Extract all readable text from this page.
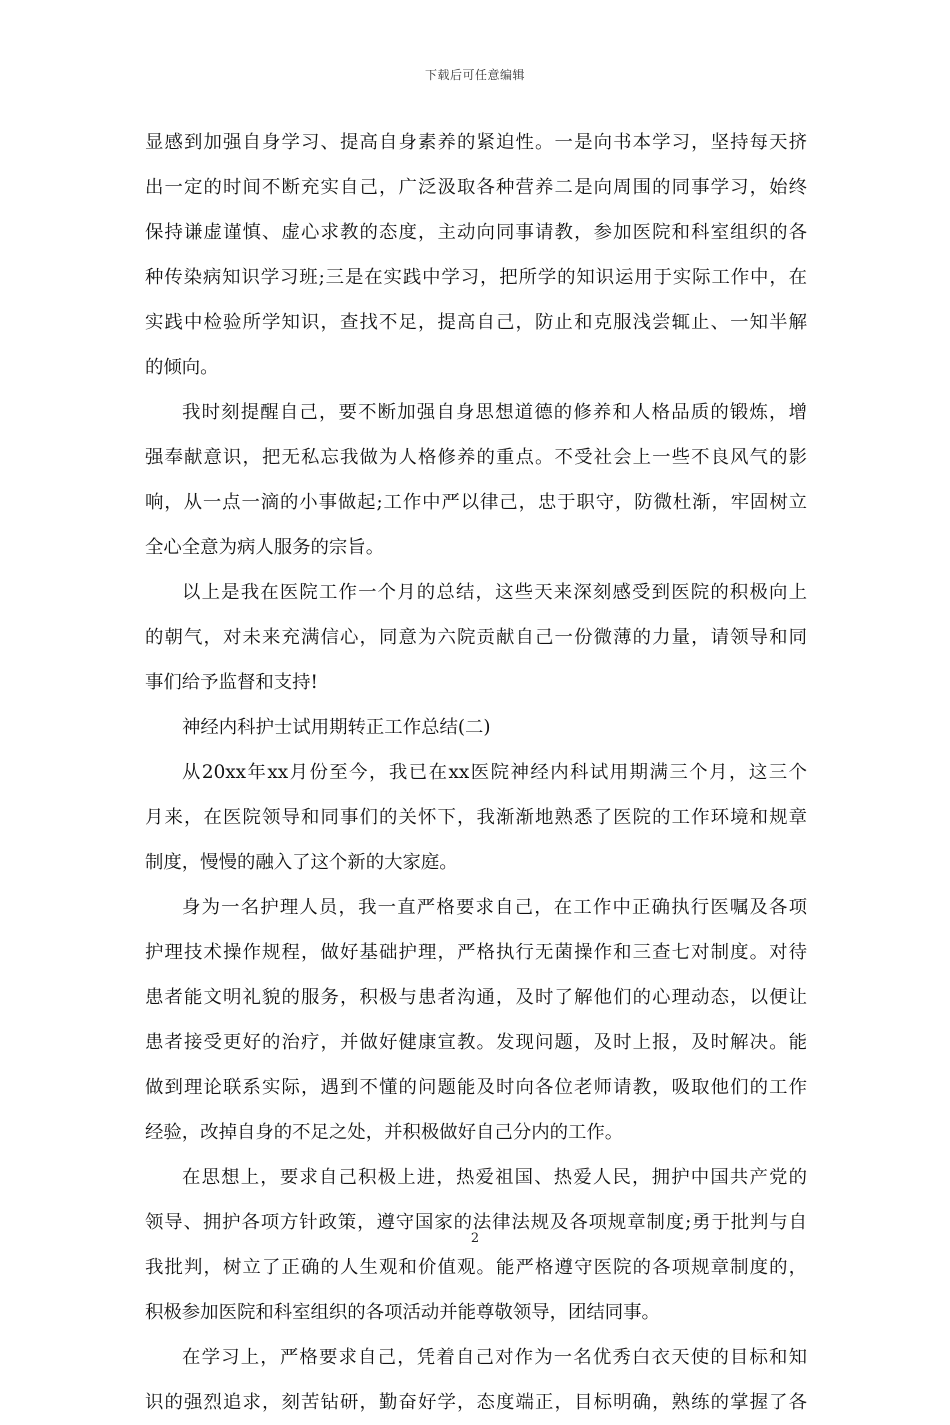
下载后可任意编辑
显感到加强自身学习、提高自身素养的紧迫性。一是向书本学习，坚持每天挤
出一定的时间不断充实自己，广泛汲取各种营养二是向周围的同事学习，始终
保持谦虚谨慎、虚心求教的态度，主动向同事请教，参加医院和科室组织的各
种传染病知识学习班;三是在实践中学习，把所学的知识运用于实际工作中，在
实践中检验所学知识，查找不足，提高自己，防止和克服浅尝辄止、一知半解
的倾向。
我时刻提醒自己，要不断加强自身思想道德的修养和人格品质的锻炼，增
强奉献意识，把无私忘我做为人格修养的重点。不受社会上一些不良风气的影
响，从一点一滴的小事做起;工作中严以律己，忠于职守，防微杜渐，牢固树立
全心全意为病人服务的宗旨。
以上是我在医院工作一个月的总结，这些天来深刻感受到医院的积极向上
的朝气，对未来充满信心，同意为六院贡献自己一份微薄的力量，请领导和同
事们给予监督和支持!
神经内科护士试用期转正工作总结(二)
从20xx年xx月份至今，我已在xx医院神经内科试用期满三个月，这三个
月来，在医院领导和同事们的关怀下，我渐渐地熟悉了医院的工作环境和规章
制度，慢慢的融入了这个新的大家庭。
身为一名护理人员，我一直严格要求自己，在工作中正确执行医嘱及各项
护理技术操作规程，做好基础护理，严格执行无菌操作和三查七对制度。对待
患者能文明礼貌的服务，积极与患者沟通，及时了解他们的心理动态，以便让
患者接受更好的治疗，并做好健康宣教。发现问题，及时上报，及时解决。能
做到理论联系实际，遇到不懂的问题能及时向各位老师请教，吸取他们的工作
经验，改掉自身的不足之处，并积极做好自己分内的工作。
在思想上，要求自己积极上进，热爱祖国、热爱人民，拥护中国共产党的
领导、拥护各项方针政策，遵守国家的法律法规及各项规章制度;勇于批判与自
我批判，树立了正确的人生观和价值观。能严格遵守医院的各项规章制度的，
积极参加医院和科室组织的各项活动并能尊敬领导，团结同事。
在学习上，严格要求自己，凭着自己对作为一名优秀白衣天使的目标和知
识的强烈追求，刻苦钻研，勤奋好学，态度端正，目标明确，熟练的掌握了各
2
